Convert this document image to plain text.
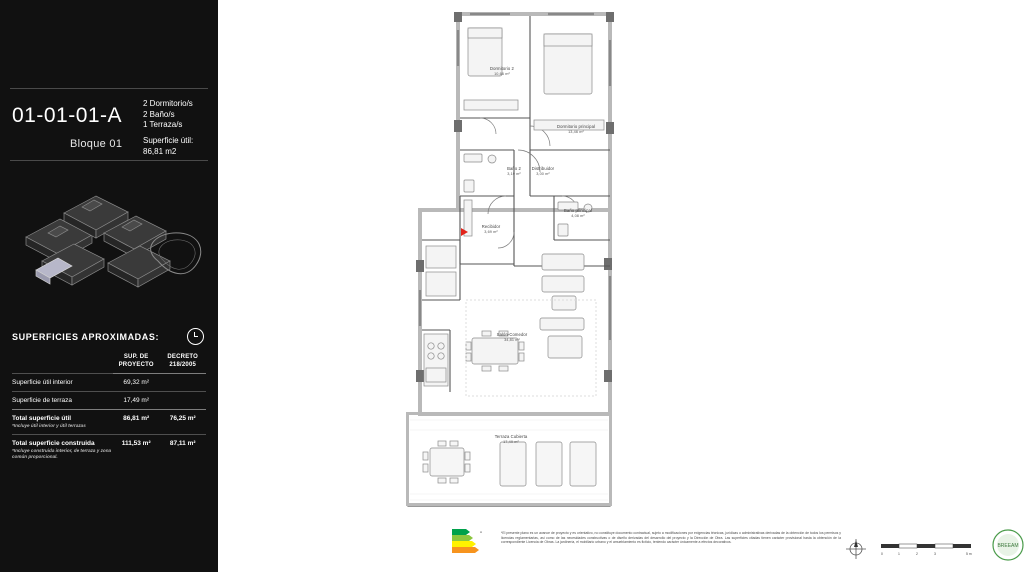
01-01-01-A
Bloque 01
2 Dormitorio/s
2 Baño/s
1 Terraza/s
Superficie útil:
86,81 m2
SUPERFICIES APROXIMADAS:
	SUP. DE PROYECTO	DECRETO 218/2005
Superficie útil interior	69,32 m²	
Superficie de terraza	17,49 m²	
Total superficie útil
*Incluye útil interior y útil terrazas	86,81 m²	76,25 m²
Total superficie construida
*Incluye construida interior, de terraza y zona común proporcional.	111,53 m²	87,11 m²
Dormitorio 2
10,66 m²
Dormitorio principal
13,46 m²
Baño 2
3,19 m²
Distribuidor
3,00 m²
Baño principal
4,08 m²
Recibidor
3,69 m²
Salón-Comedor
34,81 m²
Terraza Cubierta
17,49 m²
A	*El presente plano es un avance de proyecto y es orientativo, no constituye documento contractual, sujeto a modificaciones por exigencias técnicas, jurídicas o administrativas derivadas de la obtención de todos los permisos y licencias reglamentarias, así como de las necesidades constructivas o de diseño derivadas del desarrollo del proyecto y la Dirección de Obra. Las superficies citadas tienen carácter provisional hasta la obtención de la correspondiente Licencia de Obras. La jardinería, el mobiliario urbano y el amueblamiento es ficticio, teniendo carácter únicamente a efectos decorativos.
0	1	2	3	5 m
BREEAM
